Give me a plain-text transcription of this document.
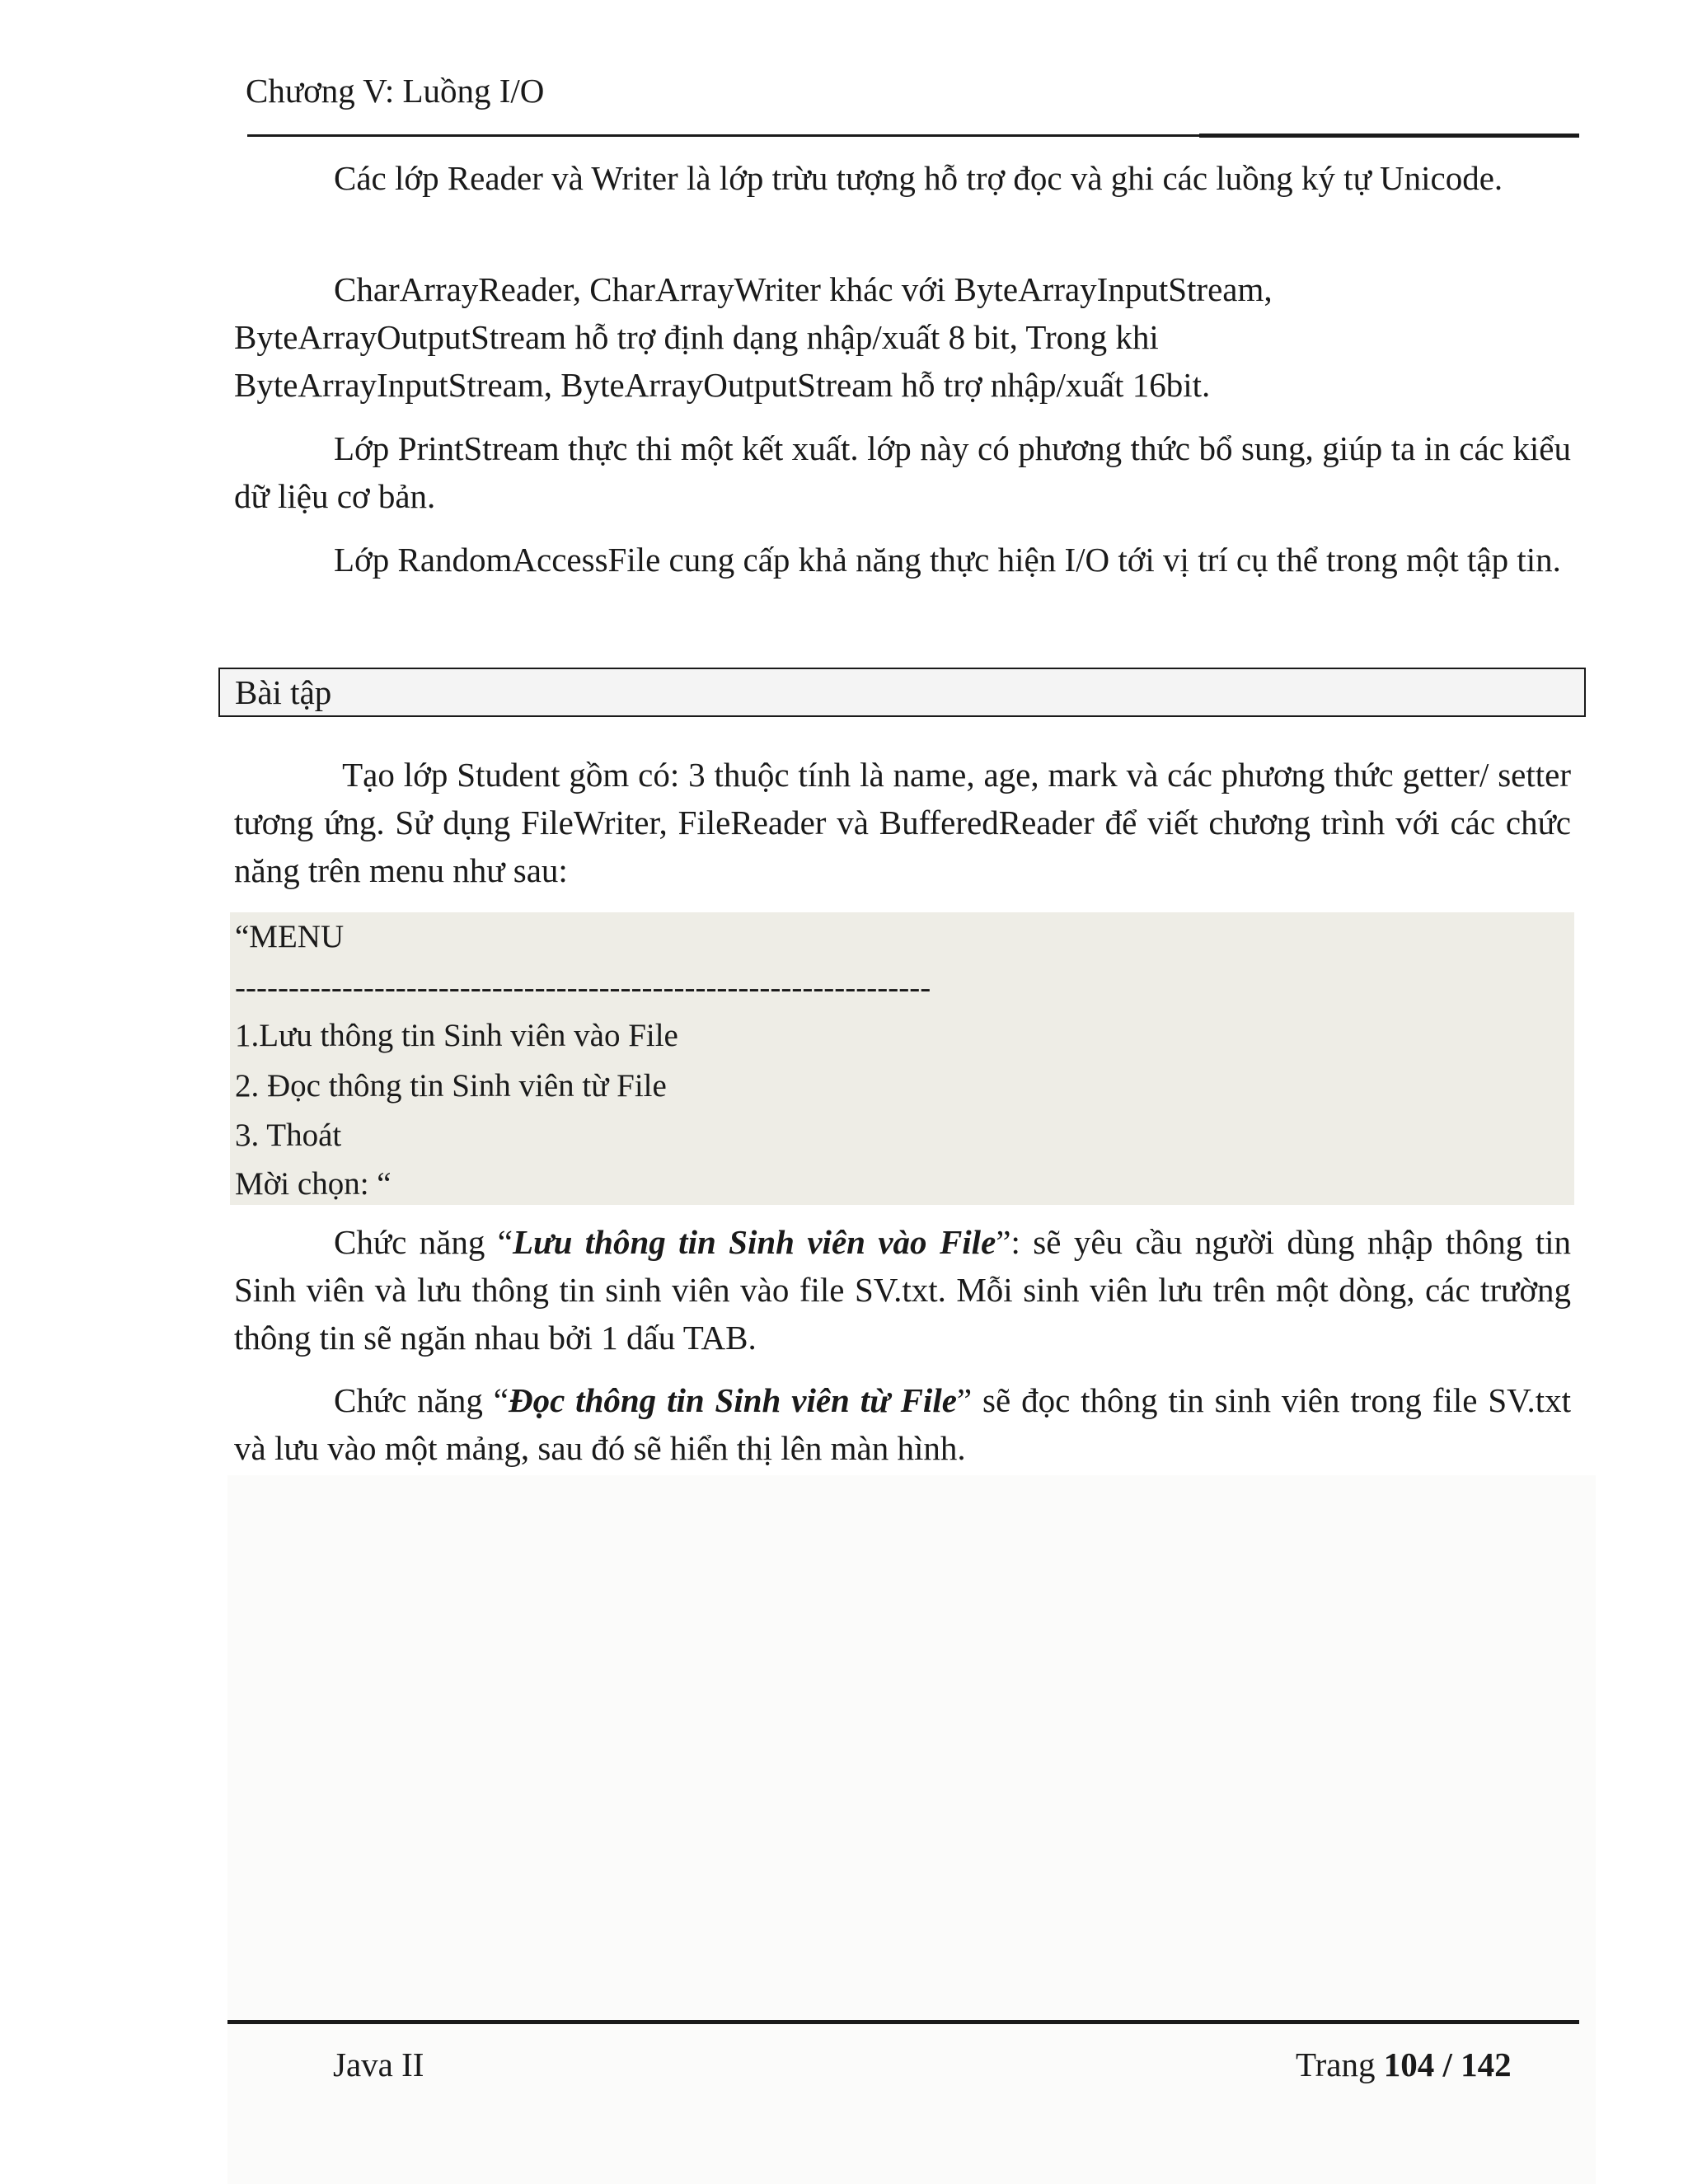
Chương V: Luồng I/O

Các lớp Reader và Writer là lớp trừu tượng hỗ trợ đọc và ghi các luồng ký tự Unicode.

CharArrayReader, CharArrayWriter khác với ByteArrayInputStream,
ByteArrayOutputStream hỗ trợ định dạng nhập/xuất 8 bit, Trong khi
ByteArrayInputStream, ByteArrayOutputStream hỗ trợ nhập/xuất 16bit.

Lớp PrintStream thực thi một kết xuất. lớp này có phương thức bổ sung, giúp ta in các kiểu dữ liệu cơ bản.

Lớp RandomAccessFile cung cấp khả năng thực hiện I/O tới vị trí cụ thể trong một tập tin.

Bài tập

Tạo lớp Student gồm có: 3 thuộc tính là name, age, mark và các phương thức getter/ setter tương ứng. Sử dụng FileWriter, FileReader và BufferedReader để viết chương trình với các chức năng trên menu như sau:

“MENU
-----------------------------------------------------------------
1.Lưu thông tin Sinh viên vào File
2. Đọc thông tin Sinh viên từ File
3. Thoát
Mời chọn: “

Chức năng “Lưu thông tin Sinh viên vào File”: sẽ yêu cầu người dùng nhập thông tin Sinh viên và lưu thông tin sinh viên vào file SV.txt. Mỗi sinh viên lưu trên một dòng, các trường thông tin sẽ ngăn nhau bởi 1 dấu TAB.

Chức năng “Đọc thông tin Sinh viên từ File” sẽ đọc thông tin sinh viên trong file SV.txt và lưu vào một mảng, sau đó sẽ hiển thị lên màn hình.

Java II	Trang 104 / 142
